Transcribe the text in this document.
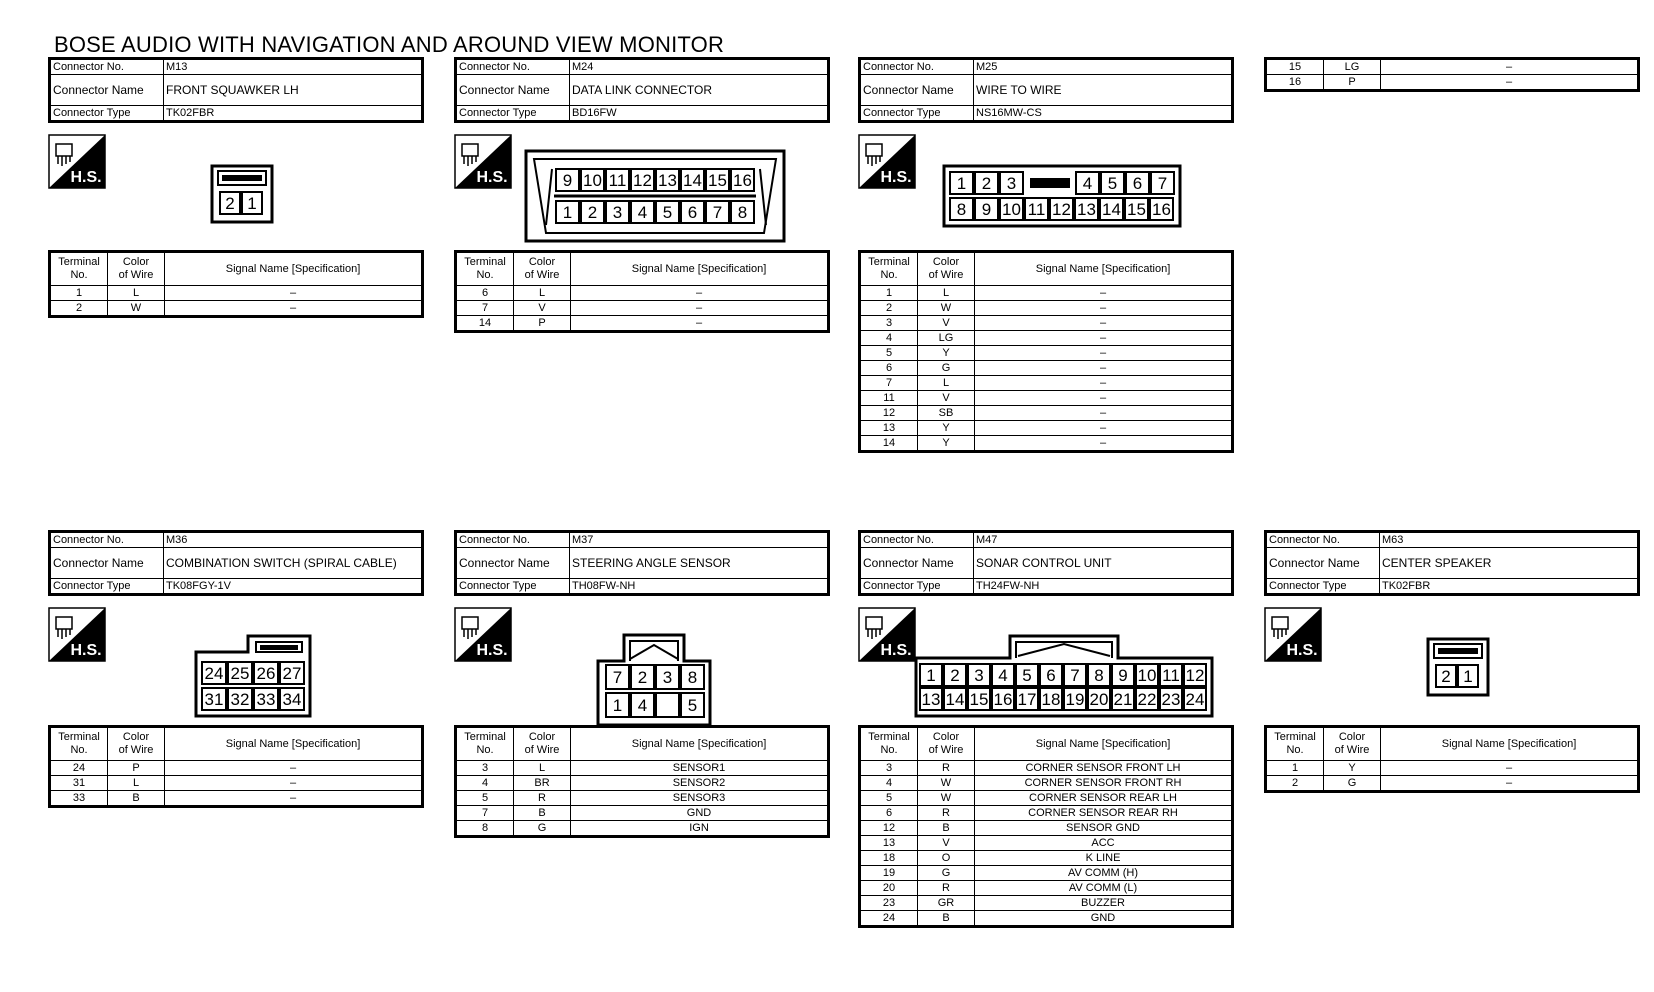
BOSE AUDIO WITH NAVIGATION AND AROUND VIEW MONITOR
Connector No.	M13
Connector Name	FRONT SQUAWKER LH
Connector Type	TK02FBR
H.S.
2 1
Terminal
No.	Color
of Wire	Signal Name [Specification]
1	L	–
2	W	–
Connector No.	M24
Connector Name	DATA LINK CONNECTOR
Connector Type	BD16FW
H.S.	9 10 11 12 13 14 15 16
1 2 3 4 5 6 7 8
Terminal
No.	Color
of Wire	Signal Name [Specification]
6	L	–
7	V	–
14	P	–
Connector No.	M25
Connector Name	WIRE TO WIRE
Connector Type	NS16MW-CS
H.S.	1 2 3	4 5 6 7
8 9 10 11 12 13 14 15 16
Terminal
No.	Color
of Wire	Signal Name [Specification]
1	L	–
2	W	–
3	V	–
4	LG	–
5	Y	–
6	G	–
7	L	–
11	V	–
12	SB	–
13	Y	–
14	Y	–
Connector No.	M36
Connector Name	COMBINATION SWITCH (SPIRAL CABLE)
Connector Type	TK08FGY-1V
H.S.
24 25 26 27
31 32 33 34
Terminal
No.	Color
of Wire	Signal Name [Specification]
24	P	–
31	L	–
33	B	–
Connector No.	M37
Connector Name	STEERING ANGLE SENSOR
Connector Type	TH08FW-NH
H.S.
7 2 3 8
1 4 5
Terminal
No.	Color
of Wire	Signal Name [Specification]
3	L	SENSOR1
4	BR	SENSOR2
5	R	SENSOR3
7	B	GND
8	G	IGN
Connector No.	M47
Connector Name	SONAR CONTROL UNIT
Connector Type	TH24FW-NH
H.S.
1 2 3 4 5 6 7 8 9 10 11 12
13 14 15 16 17 18 19 20 21 22 23 24
Terminal
No.	Color
of Wire	Signal Name [Specification]
3	R	CORNER SENSOR FRONT LH
4	W	CORNER SENSOR FRONT RH
5	W	CORNER SENSOR REAR LH
6	R	CORNER SENSOR REAR RH
12	B	SENSOR GND
13	V	ACC
18	O	K LINE
19	G	AV COMM (H)
20	R	AV COMM (L)
23	GR	BUZZER
24	B	GND
Connector No.	M63
Connector Name	CENTER SPEAKER
Connector Type	TK02FBR
H.S.
2 1
Terminal
No.	Color
of Wire	Signal Name [Specification]
1	Y	–
2	G	–
15	LG	–
16	P	–
